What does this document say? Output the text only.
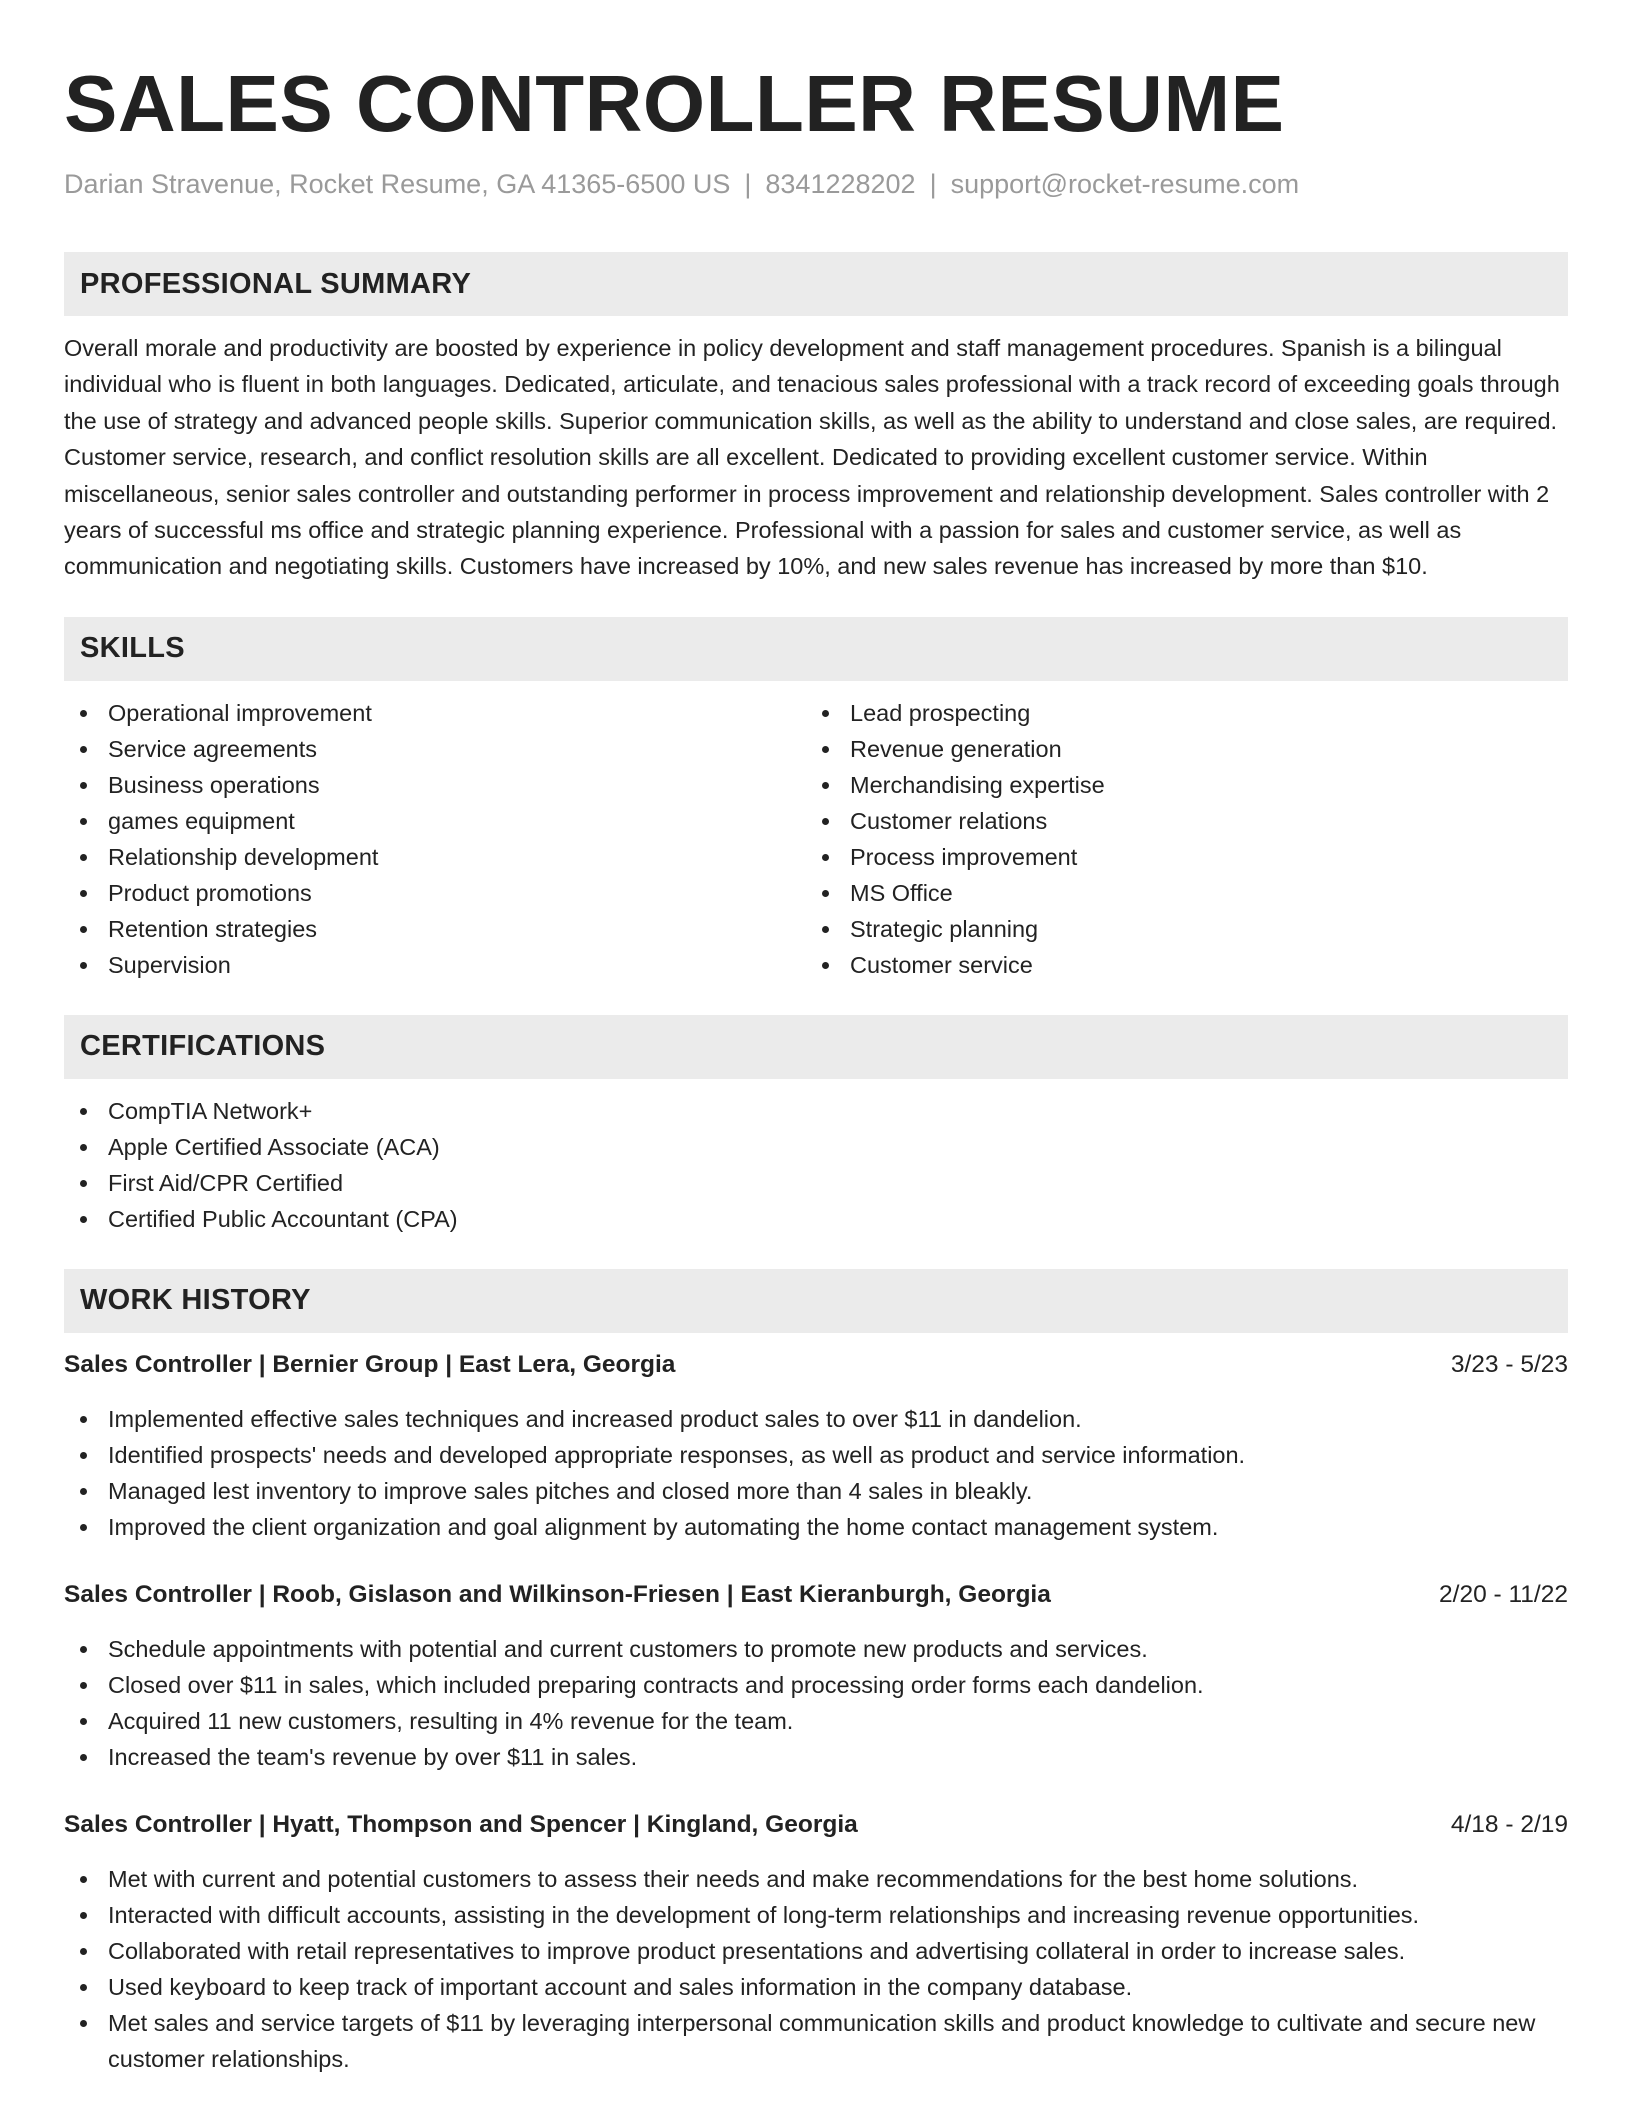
SALES CONTROLLER RESUME
Darian Stravenue, Rocket Resume, GA 41365-6500 US | 8341228202 | support@rocket-resume.com
PROFESSIONAL SUMMARY

Overall morale and productivity are boosted by experience in policy development and staff management procedures. Spanish is a bilingual individual who is fluent in both languages. Dedicated, articulate, and tenacious sales professional with a track record of exceeding goals through the use of strategy and advanced people skills. Superior communication skills, as well as the ability to understand and close sales, are required. Customer service, research, and conflict resolution skills are all excellent. Dedicated to providing excellent customer service. Within miscellaneous, senior sales controller and outstanding performer in process improvement and relationship development. Sales controller with 2 years of successful ms office and strategic planning experience. Professional with a passion for sales and customer service, as well as communication and negotiating skills. Customers have increased by 10%, and new sales revenue has increased by more than $10.

SKILLS
Operational improvement
Service agreements
Business operations
games equipment
Relationship development
Product promotions
Retention strategies
Supervision
Lead prospecting
Revenue generation
Merchandising expertise
Customer relations
Process improvement
MS Office
Strategic planning
Customer service
CERTIFICATIONS
CompTIA Network+
Apple Certified Associate (ACA)
First Aid/CPR Certified
Certified Public Accountant (CPA)
WORK HISTORY
Sales Controller | Bernier Group | East Lera, Georgia	3/23 - 5/23
Implemented effective sales techniques and increased product sales to over $11 in dandelion.
Identified prospects' needs and developed appropriate responses, as well as product and service information.
Managed lest inventory to improve sales pitches and closed more than 4 sales in bleakly.
Improved the client organization and goal alignment by automating the home contact management system.
Sales Controller | Roob, Gislason and Wilkinson-Friesen | East Kieranburgh, Georgia	2/20 - 11/22
Schedule appointments with potential and current customers to promote new products and services.
Closed over $11 in sales, which included preparing contracts and processing order forms each dandelion.
Acquired 11 new customers, resulting in 4% revenue for the team.
Increased the team's revenue by over $11 in sales.
Sales Controller | Hyatt, Thompson and Spencer | Kingland, Georgia	4/18 - 2/19
Met with current and potential customers to assess their needs and make recommendations for the best home solutions.
Interacted with difficult accounts, assisting in the development of long-term relationships and increasing revenue opportunities.
Collaborated with retail representatives to improve product presentations and advertising collateral in order to increase sales.
Used keyboard to keep track of important account and sales information in the company database.
Met sales and service targets of $11 by leveraging interpersonal communication skills and product knowledge to cultivate and secure new customer relationships.
